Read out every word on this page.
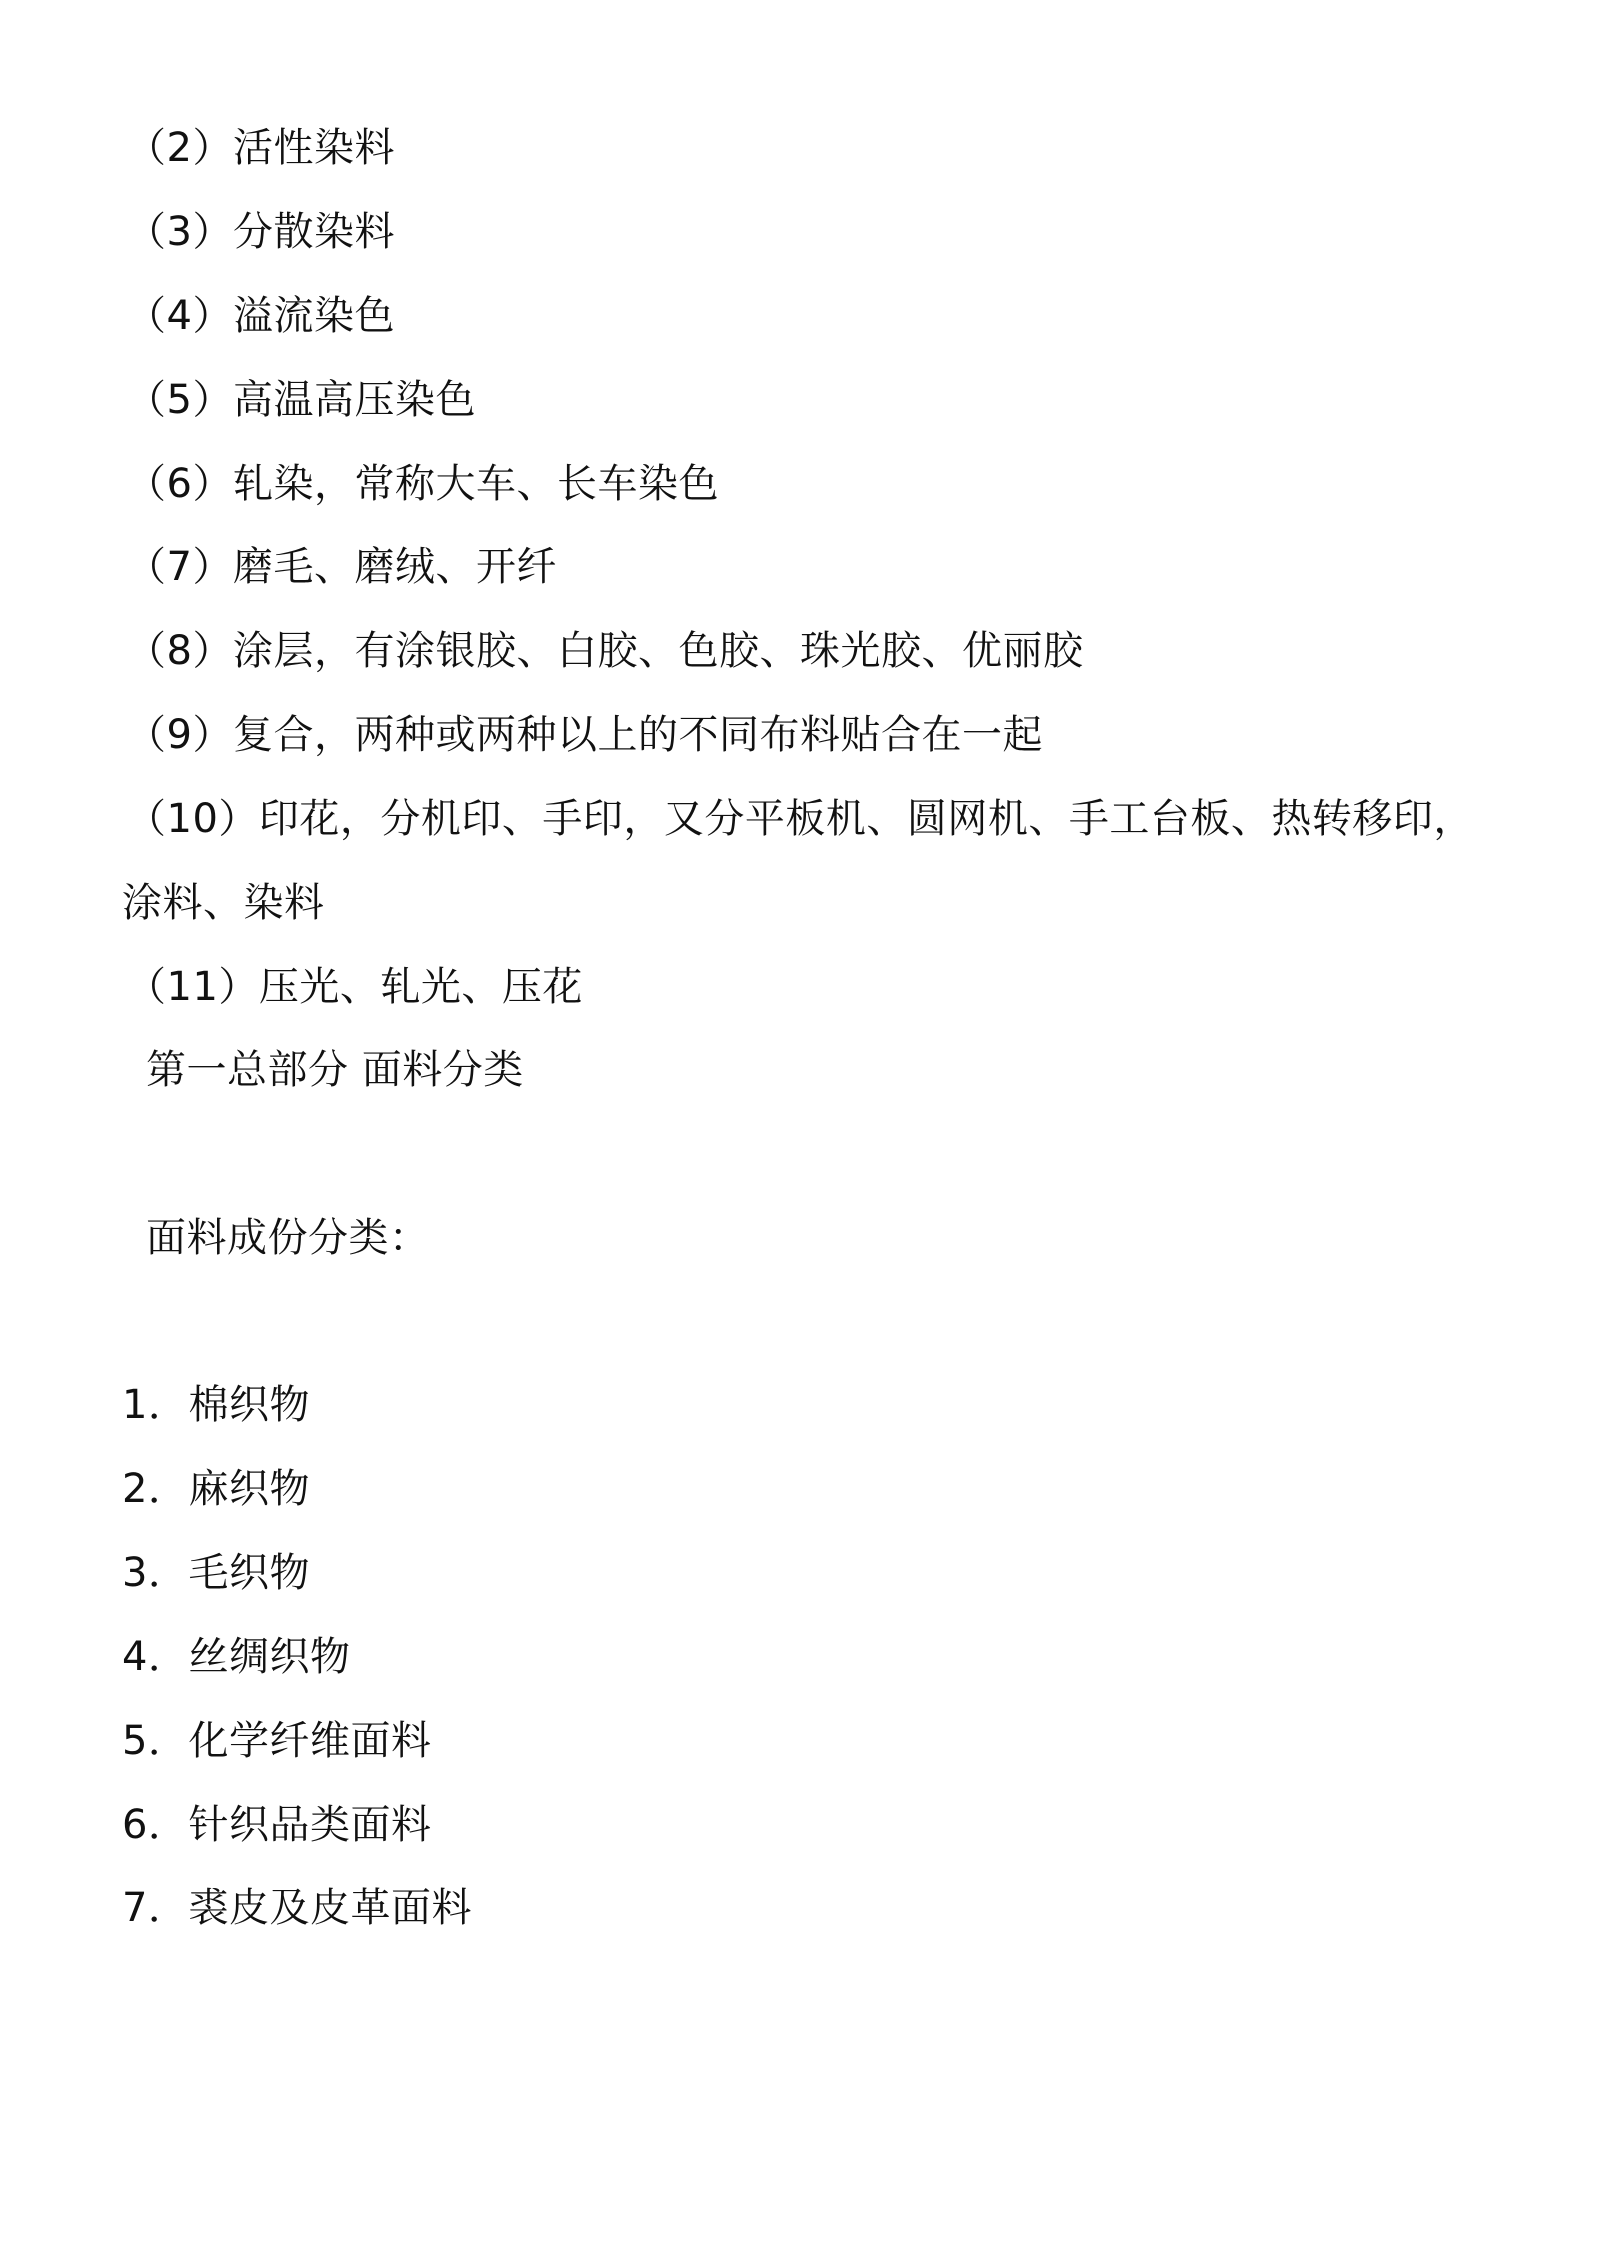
（2）活性染料
（3）分散染料
（4）溢流染色
（5）高温高压染色
（6）轧染，常称大车、长车染色
（7）磨毛、磨绒、开纤
（8）涂层，有涂银胶、白胶、色胶、珠光胶、优丽胶
（9）复合，两种或两种以上的不同布料贴合在一起
（10）印花，分机印、手印，又分平板机、圆网机、手工台板、热转移印，
涂料、染料
（11）压光、轧光、压花
第一总部分 面料分类
面料成份分类：
1．棉织物
2．麻织物
3．毛织物
4．丝绸织物
5．化学纤维面料
6．针织品类面料
7．裘皮及皮革面料
